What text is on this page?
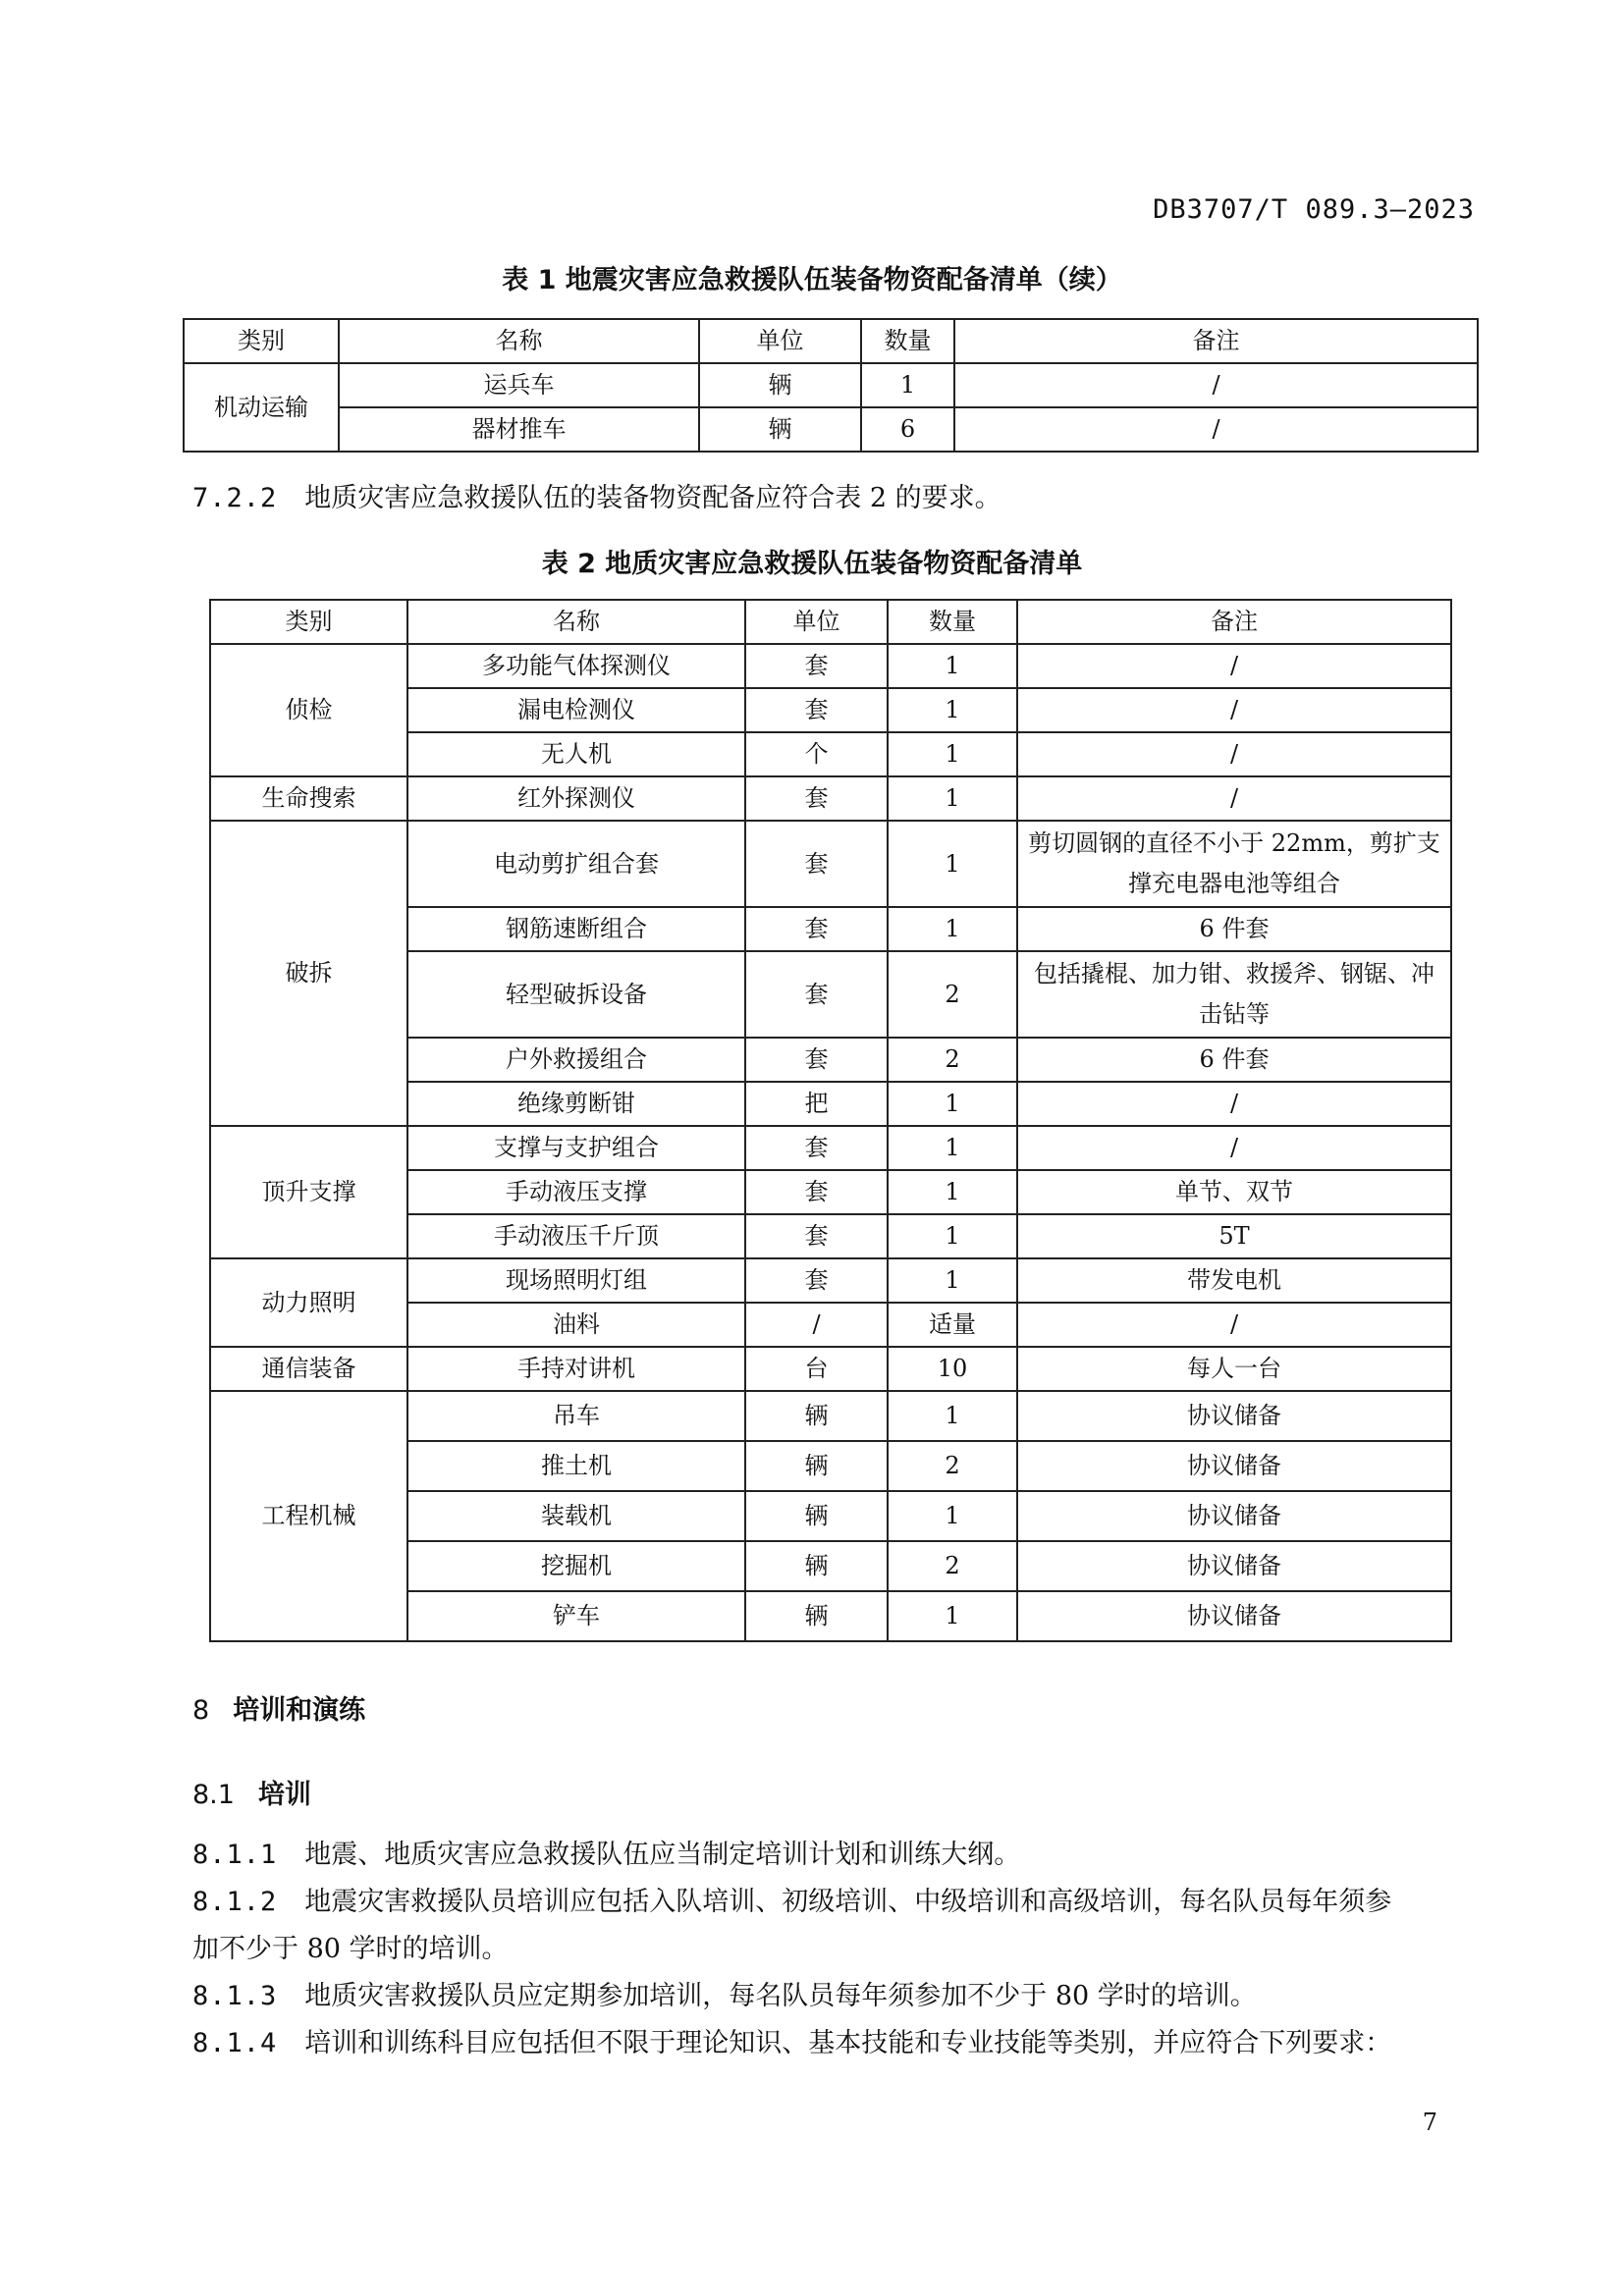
DB3707/T 089.3—2023
表 1 地震灾害应急救援队伍装备物资配备清单（续）
类别	名称	单位	数量	备注
机动运输	运兵车	辆	1	/
	器材推车	辆	6	/
7.2.2 地质灾害应急救援队伍的装备物资配备应符合表 2 的要求。
表 2 地质灾害应急救援队伍装备物资配备清单
类别	名称	单位	数量	备注
侦检	多功能气体探测仪	套	1	/
	漏电检测仪	套	1	/
	无人机	个	1	/
生命搜索	红外探测仪	套	1	/
破拆	电动剪扩组合套	套	1	剪切圆钢的直径不小于 22mm，剪扩支撑充电器电池等组合
	钢筋速断组合	套	1	6 件套
	轻型破拆设备	套	2	包括撬棍、加力钳、救援斧、钢锯、冲击钻等
	户外救援组合	套	2	6 件套
	绝缘剪断钳	把	1	/
顶升支撑	支撑与支护组合	套	1	/
	手动液压支撑	套	1	单节、双节
	手动液压千斤顶	套	1	5T
动力照明	现场照明灯组	套	1	带发电机
	油料	/	适量	/
通信装备	手持对讲机	台	10	每人一台
工程机械	吊车	辆	1	协议储备
	推土机	辆	2	协议储备
	装载机	辆	1	协议储备
	挖掘机	辆	2	协议储备
	铲车	辆	1	协议储备
8 培训和演练
8.1 培训
8.1.1 地震、地质灾害应急救援队伍应当制定培训计划和训练大纲。
8.1.2 地震灾害救援队员培训应包括入队培训、初级培训、中级培训和高级培训，每名队员每年须参
加不少于 80 学时的培训。
8.1.3 地质灾害救援队员应定期参加培训，每名队员每年须参加不少于 80 学时的培训。
8.1.4 培训和训练科目应包括但不限于理论知识、基本技能和专业技能等类别，并应符合下列要求：
7
